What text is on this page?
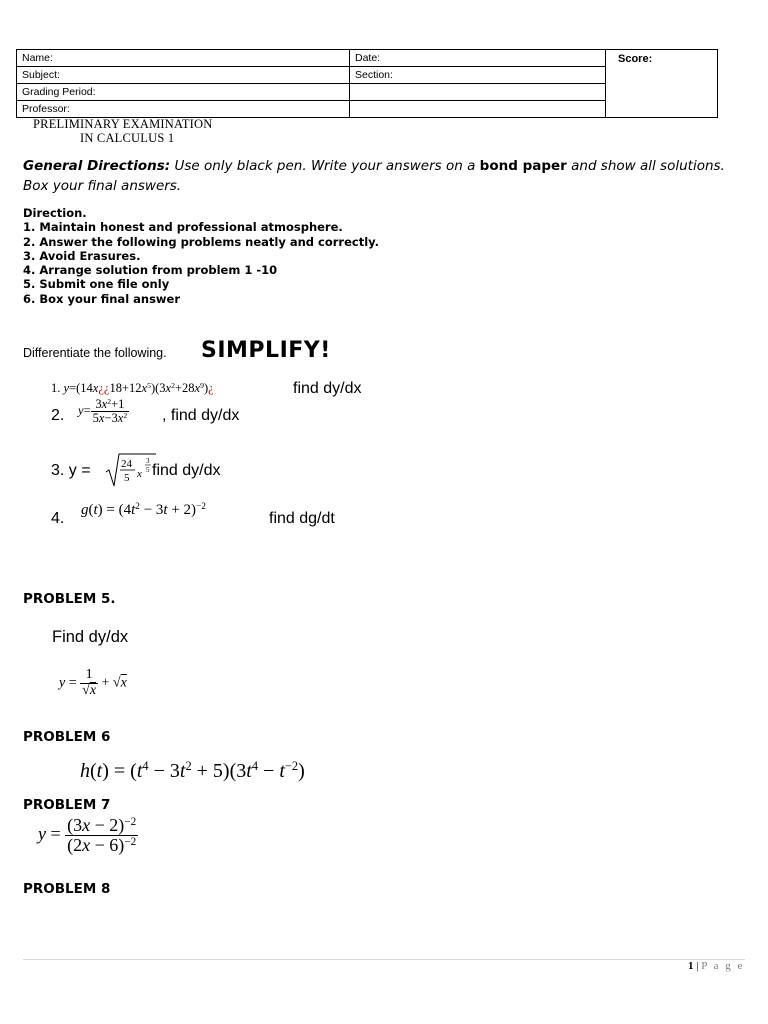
Name:	Date:
Subject:	Section:
Grading Period:
Professor:
Score:
PRELIMINARY EXAMINATION
IN CALCULUS 1
General Directions: Use only black pen. Write your answers on a bond paper and show all solutions.
Box your final answers.
Direction.
1. Maintain honest and professional atmosphere.
2. Answer the following problems neatly and correctly.
3. Avoid Erasures.
4. Arrange solution from problem 1 -10
5. Submit one file only
6. Box your final answer
Differentiate the following. SIMPLIFY!
1. $y=(14x¿¿18+12x^5)(3x^2+28x^9)¿$	find dy/dx
2. $y= \frac{3x^2+1}{5x-3x^2}$ , find dy/dx
3. y =	24
5 x
3
5 find dy/dx
4. $g(t) = (4t^2 - 3t + 2)^{-2}$
find dg/dt
PROBLEM 5.
Find dy/dx
$y = \frac{1}{√x} + √x$
PROBLEM 6
$h(t) = (t^4 - 3t^2 + 5)(3t^4 - t^{-2})$
PROBLEM 7
$y = \frac{(3x - 2)^{-2}}{(2x - 6)^{-2}}$
PROBLEM 8
1 | P a g e
